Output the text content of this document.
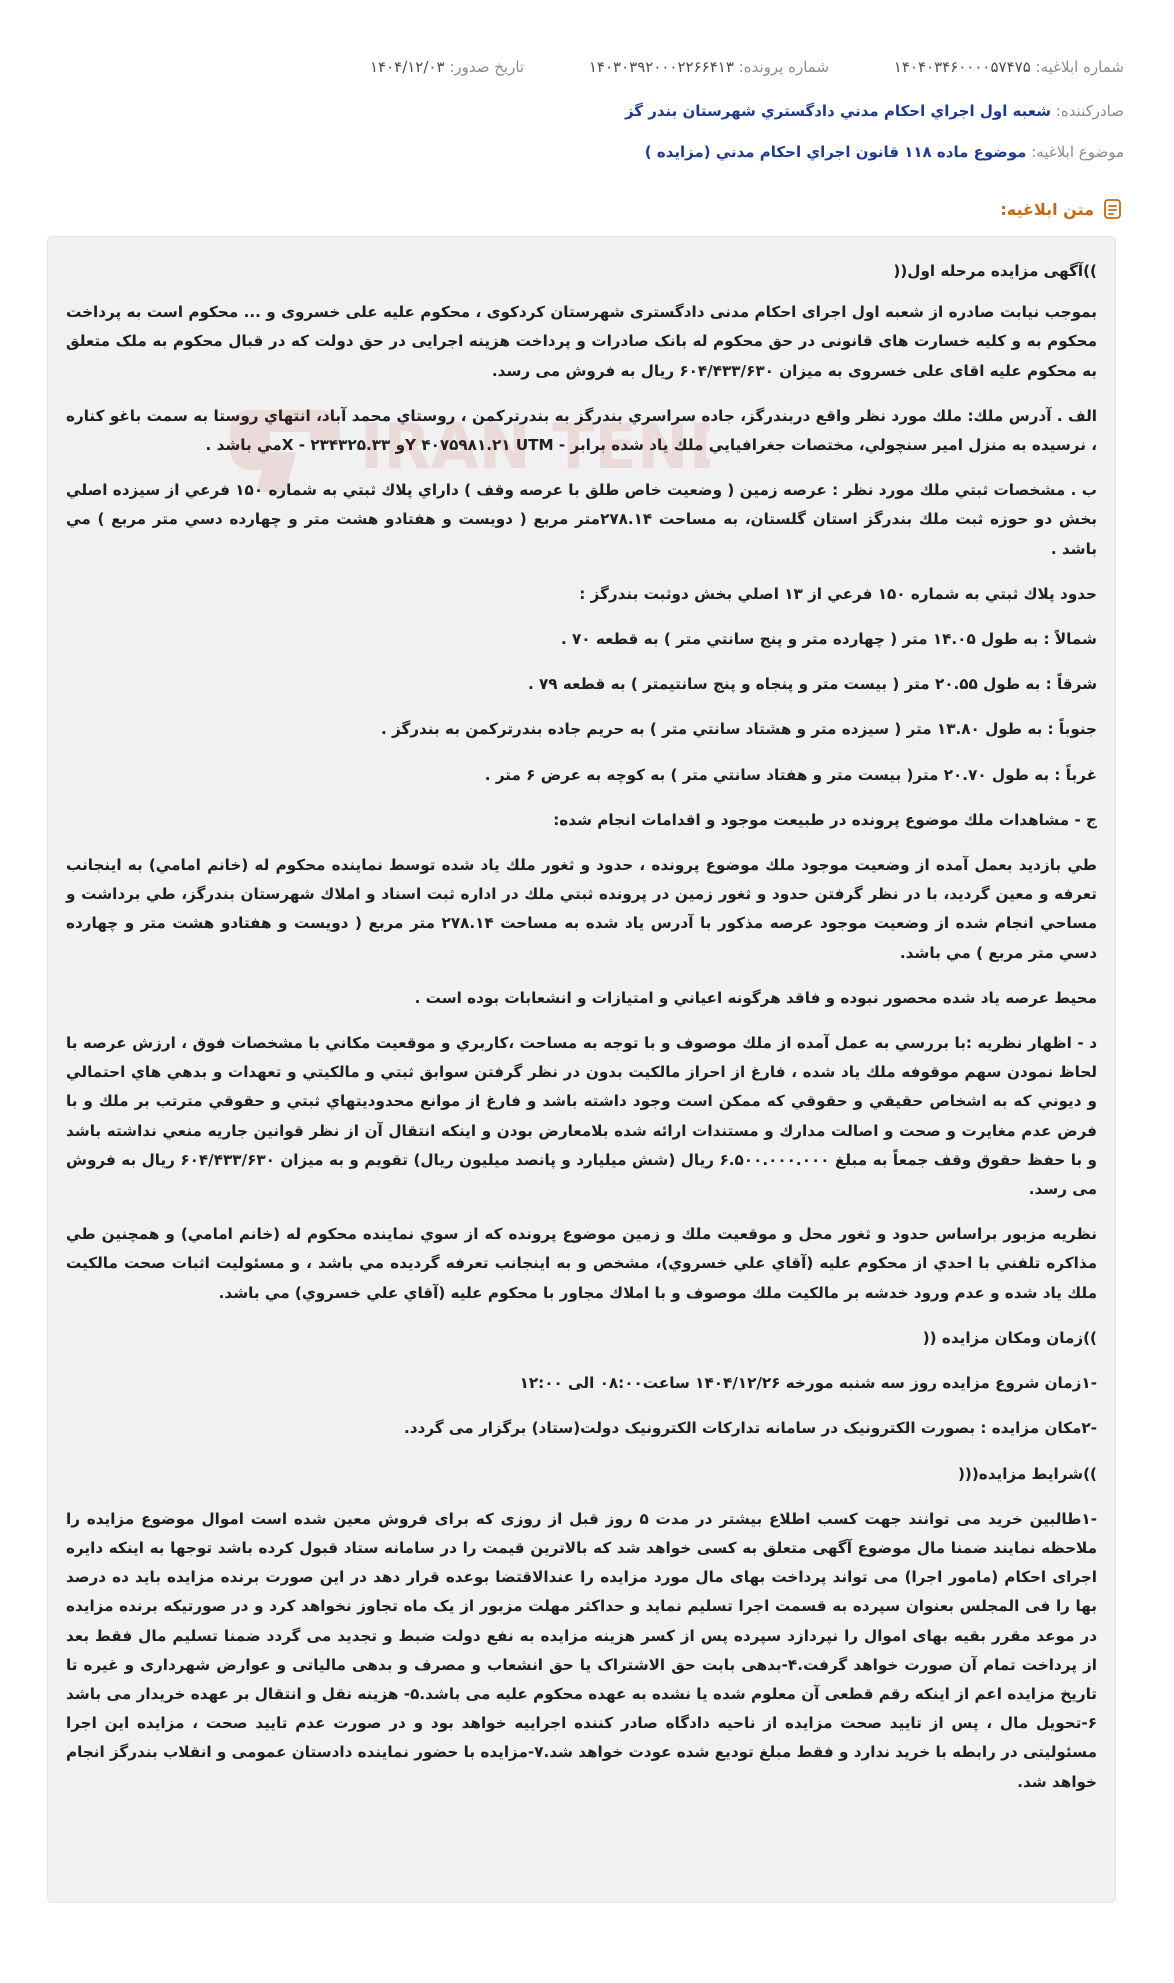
شماره ابلاغیه: ۱۴۰۴۰۳۴۶۰۰۰۰۵۷۴۷۵ شماره پرونده: ۱۴۰۳۰۳۹۲۰۰۰۲۲۶۶۴۱۳ تاریخ صدور: ۱۴۰۴/۱۲/۰۳
صادرکننده: شعبه اول اجراي احكام مدني دادگستري شهرستان بندر گز
موضوع ابلاغیه: موضوع ماده ۱۱۸ قانون اجراي احكام مدني (مزايده )
متن ابلاغیه:

))آگهی مزایده مرحله اول((

بموجب نیابت صادره از شعبه اول اجرای احکام مدنی دادگستری شهرستان کردکوی ، محکوم علیه علی خسروی و ... محکوم است به پرداخت محکوم به و کلیه خسارت های قانونی در حق محکوم له بانک صادرات و پرداخت هزینه اجرایی در حق دولت که در قبال محکوم به ملک متعلق به محکوم علیه اقای علی خسروی به میزان ۶۰۴/۴۳۳/۶۳۰ ریال به فروش می رسد.

الف . آدرس ملك: ملك مورد نظر واقع دربندرگز، جاده سراسري بندرگز به بندرتركمن ، روستاي محمد آباد، انتهاي روستا به سمت باغو كناره ، نرسيده به منزل امير سنچولي، مختصات جغرافيايي ملك ياد شده برابر - Y ۴۰۷۵۹۸۱.۲۱ UTMو ۲۳۴۳۲۵.۳۳ - Xمي باشد .

ب . مشخصات ثبتي ملك مورد نظر : عرصه زمين ( وضعيت خاص طلق با عرصه وقف ) داراي پلاك ثبتي به شماره ۱۵۰ فرعي از سيزده اصلي بخش دو حوزه ثبت ملك بندرگز استان گلستان، به مساحت ۲۷۸.۱۴متر مربع ( دويست و هفتادو هشت متر و چهارده دسي متر مربع ) مي باشد .

حدود پلاك ثبتي به شماره ۱۵۰ فرعي از ۱۳ اصلي بخش دوثبت بندرگز :

شمالاً : به طول ۱۴.۰۵ متر ( چهارده متر و پنج سانتي متر ) به قطعه ۷۰ .

شرقاً : به طول ۲۰.۵۵ متر ( بيست متر و پنجاه و پنج سانتيمتر ) به قطعه ۷۹ .

جنوباً : به طول ۱۳.۸۰ متر ( سيزده متر و هشتاد سانتي متر ) به حريم جاده بندرتركمن به بندرگز .

غرباً : به طول ۲۰.۷۰ متر( بيست متر و هفتاد سانتي متر ) به كوچه به عرض ۶ متر .

ج - مشاهدات ملك موضوع پرونده در طبيعت موجود و اقدامات انجام شده:

طي بازديد بعمل آمده از وضعيت موجود ملك موضوع پرونده ، حدود و ثغور ملك ياد شده توسط نماينده محكوم له (خانم امامي) به اينجانب تعرفه و معين گرديد، با در نظر گرفتن حدود و ثغور زمين در پرونده ثبتي ملك در اداره ثبت اسناد و املاك شهرستان بندرگز، طي برداشت و مساحي انجام شده از وضعيت موجود عرصه مذكور با آدرس ياد شده به مساحت ۲۷۸.۱۴ متر مربع ( دويست و هفتادو هشت متر و چهارده دسي متر مربع ) مي باشد.

محيط عرصه ياد شده محصور نبوده و فاقد هرگونه اعياني و امتيازات و انشعابات بوده است .

د - اظهار نظريه :با بررسي به عمل آمده از ملك موصوف و با توجه به مساحت ،كاربري و موقعيت مكاني با مشخصات فوق ، ارزش عرصه با لحاظ نمودن سهم موقوفه ملك ياد شده ، فارغ از احراز مالكيت بدون در نظر گرفتن سوابق ثبتي و مالكيتي و تعهدات و بدهي هاي احتمالي و ديوني كه به اشخاص حقيقي و حقوقي كه ممكن است وجود داشته باشد و فارغ از موانع محدوديتهاي ثبتي و حقوقي مترتب بر ملك و با فرض عدم مغايرت و صحت و اصالت مدارك و مستندات ارائه شده بلامعارض بودن و اينكه انتقال آن از نظر قوانين جاريه منعي نداشته باشد و با حفظ حقوق وقف جمعاً به مبلغ ۶.۵۰۰.۰۰۰.۰۰۰ ريال (شش ميليارد و پانصد ميليون ريال) تقويم و به ميزان ۶۰۴/۴۳۳/۶۳۰ ریال به فروش می رسد.

نظريه مزبور براساس حدود و ثغور محل و موقعيت ملك و زمين موضوع پرونده كه از سوي نماينده محكوم له (خانم امامي) و همچنين طي مذاكره تلفني با احدي از محكوم عليه (آقاي علي خسروي)، مشخص و به اينجانب تعرفه گرديده مي باشد ، و مسئوليت اثبات صحت مالكيت ملك ياد شده و عدم ورود خدشه بر مالكيت ملك موصوف و با املاك مجاور با محكوم عليه (آقاي علي خسروي) مي باشد.

))زمان ومکان مزایده ((

-۱زمان شروع مزایده روز سه شنبه مورخه ۱۴۰۴/۱۲/۲۶ ساعت۰۸:۰۰ الی ۱۲:۰۰

-۲مکان مزایده : بصورت الکترونیک در سامانه تدارکات الکترونیک دولت(ستاد) برگزار می گردد.

))شرایط مزایده(((

-۱طالبین خرید می توانند جهت کسب اطلاع بیشتر در مدت ۵ روز قبل از روزی که برای فروش معین شده است اموال موضوع مزایده را ملاحظه نمایند ضمنا مال موضوع آگهی متعلق به کسی خواهد شد که بالاترین قیمت را در سامانه ستاد قبول کرده باشد توجها به اینکه دایره اجرای احکام (مامور اجرا) می تواند پرداخت بهای مال مورد مزایده را عندالاقتضا بوعده قرار دهد در این صورت برنده مزایده باید ده درصد بها را فی المجلس بعنوان سپرده به قسمت اجرا تسلیم نماید و حداکثر مهلت مزبور از یک ماه تجاوز نخواهد کرد و در صورتیکه برنده مزایده در موعد مقرر بقیه بهای اموال را نپردازد سپرده پس از کسر هزینه مزایده به نفع دولت ضبط و تجدید می گردد ضمنا تسلیم مال فقط بعد از پرداخت تمام آن صورت خواهد گرفت.۴-بدهی بابت حق الاشتراک یا حق انشعاب و مصرف و بدهی مالیاتی و عوارض شهرداری و غیره تا تاریخ مزایده اعم از اینکه رقم قطعی آن معلوم شده یا نشده به عهده محکوم علیه می باشد.۵- هزینه نقل و انتقال بر عهده خریدار می باشد ۶-تحویل مال ، پس از تایید صحت مزایده از ناحیه دادگاه صادر کننده اجراییه خواهد بود و در صورت عدم تایید صحت ، مزایده این اجرا مسئولیتی در رابطه با خرید ندارد و فقط مبلغ تودیع شده عودت خواهد شد.۷-مزایده با حضور نماینده دادستان عمومی و انقلاب بندرگز انجام خواهد شد.
